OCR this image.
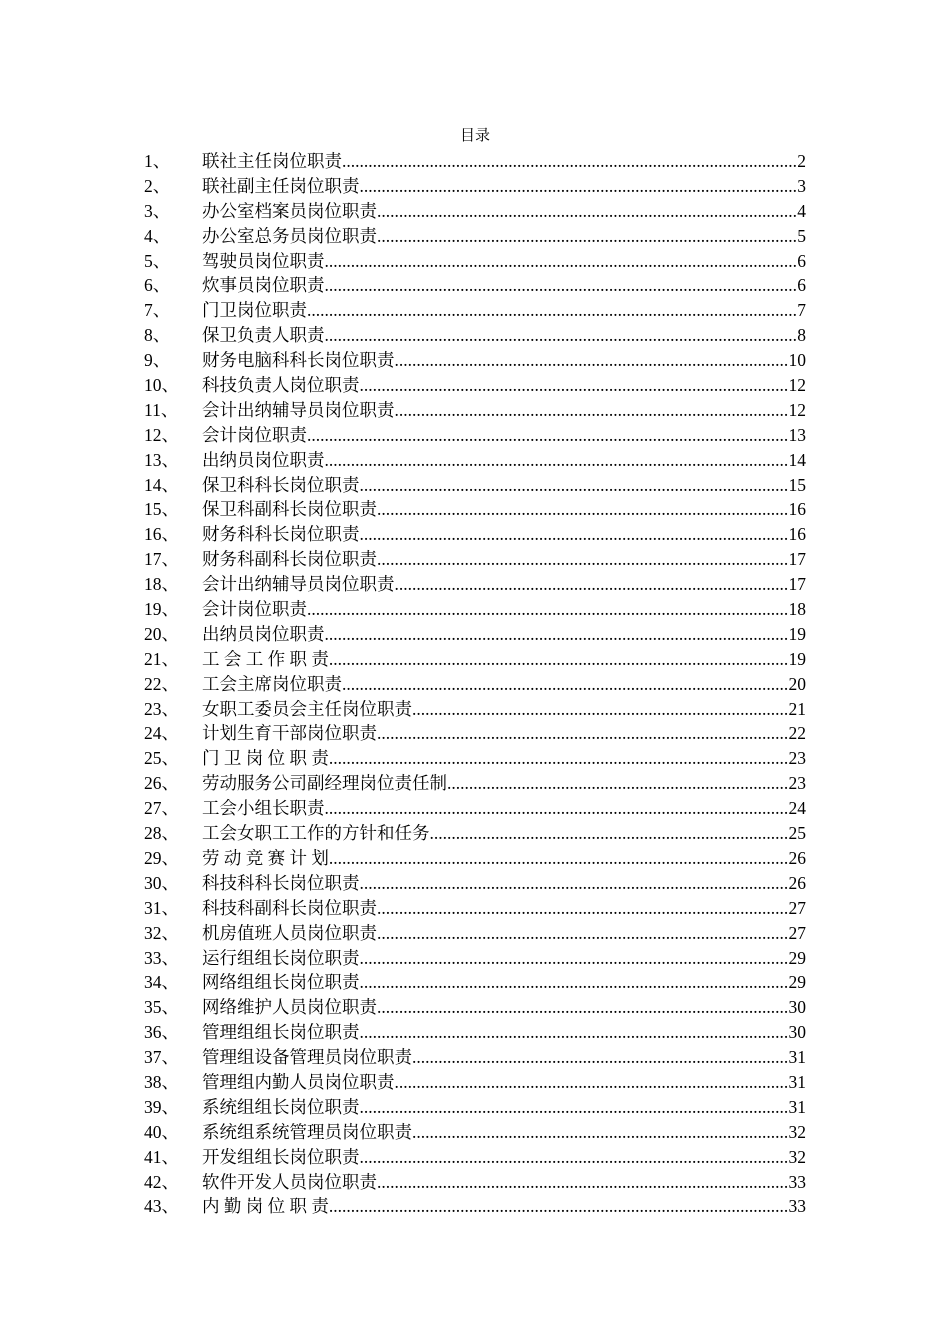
目录
1、	联社主任岗位职责 .....	2
2、	联社副主任岗位职责 .....	3
3、	办公室档案员岗位职责 .....	4
4、	办公室总务员岗位职责 .....	5
5、	驾驶员岗位职责 .....	6
6、	炊事员岗位职责 .....	6
7、	门卫岗位职责 .....	7
8、	保卫负责人职责 .....	8
9、	财务电脑科科长岗位职责 .....	10
10、	科技负责人岗位职责 .....	12
11、	会计出纳辅导员岗位职责 .....	12
12、	会计岗位职责 .....	13
13、	出纳员岗位职责 .....	14
14、	保卫科科长岗位职责 .....	15
15、	保卫科副科长岗位职责 .....	16
16、	财务科科长岗位职责 .....	16
17、	财务科副科长岗位职责 .....	17
18、	会计出纳辅导员岗位职责 .....	17
19、	会计岗位职责 .....	18
20、	出纳员岗位职责 .....	19
21、	工 会 工 作 职 责 .....	19
22、	工会主席岗位职责 .....	20
23、	女职工委员会主任岗位职责 .....	21
24、	计划生育干部岗位职责 .....	22
25、	门 卫 岗 位 职 责 .....	23
26、	劳动服务公司副经理岗位责任制 .....	23
27、	工会小组长职责 .....	24
28、	工会女职工工作的方针和任务 .....	25
29、	劳 动 竞 赛 计 划 .....	26
30、	科技科科长岗位职责 .....	26
31、	科技科副科长岗位职责 .....	27
32、	机房值班人员岗位职责 .....	27
33、	运行组组长岗位职责 .....	29
34、	网络组组长岗位职责 .....	29
35、	网络维护人员岗位职责 .....	30
36、	管理组组长岗位职责 .....	30
37、	管理组设备管理员岗位职责 .....	31
38、	管理组内勤人员岗位职责 .....	31
39、	系统组组长岗位职责 .....	31
40、	系统组系统管理员岗位职责 .....	32
41、	开发组组长岗位职责 .....	32
42、	软件开发人员岗位职责 .....	33
43、	内 勤 岗 位 职 责 .....	33
